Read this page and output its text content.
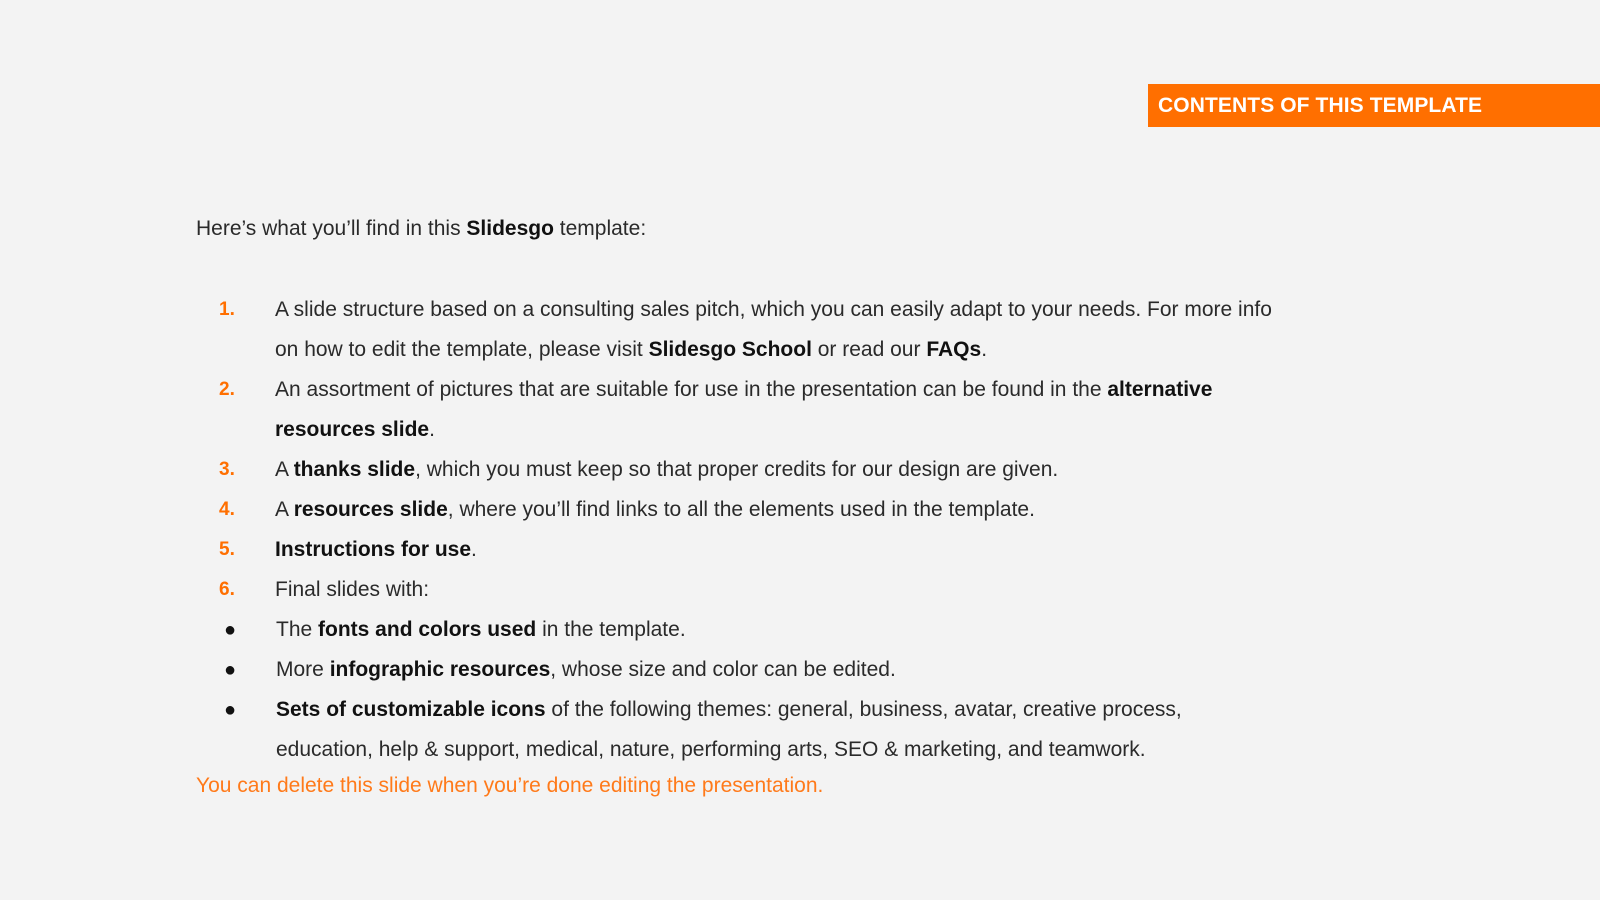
CONTENTS OF THIS TEMPLATE
Here’s what you’ll find in this Slidesgo template:
1. A slide structure based on a consulting sales pitch, which you can easily adapt to your needs. For more info
on how to edit the template, please visit Slidesgo School or read our FAQs.
2. An assortment of pictures that are suitable for use in the presentation can be found in the alternative
resources slide.
3. A thanks slide, which you must keep so that proper credits for our design are given.
4. A resources slide, where you’ll find links to all the elements used in the template.
5. Instructions for use.
6. Final slides with:
● The fonts and colors used in the template.
● More infographic resources, whose size and color can be edited.
● Sets of customizable icons of the following themes: general, business, avatar, creative process,
education, help & support, medical, nature, performing arts, SEO & marketing, and teamwork.
You can delete this slide when you’re done editing the presentation.
